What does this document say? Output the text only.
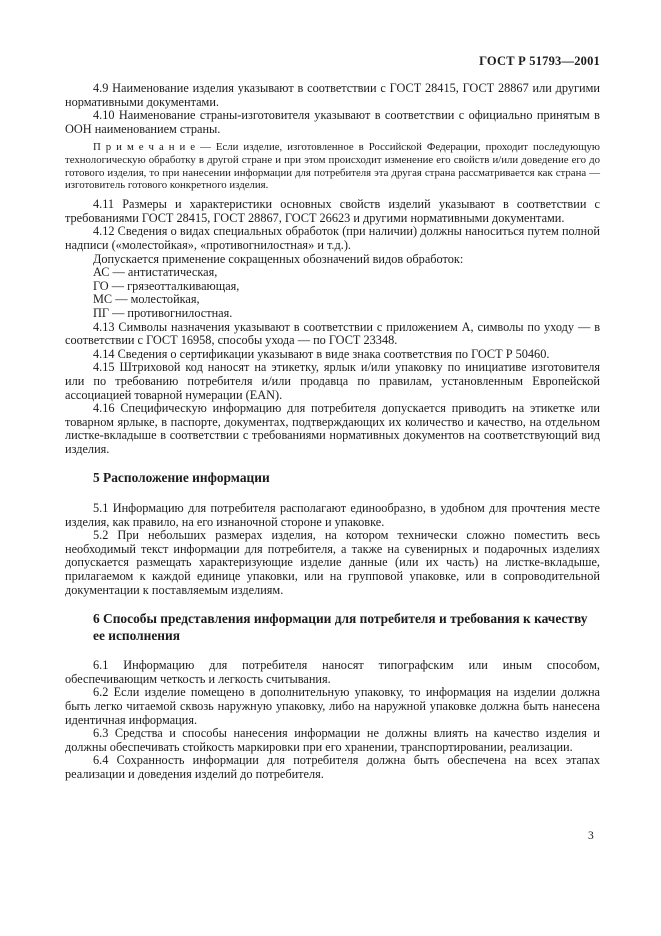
ГОСТ Р 51793—2001

4.9 Наименование изделия указывают в соответствии с ГОСТ 28415, ГОСТ 28867 или другими нормативными документами.

4.10 Наименование страны-изготовителя указывают в соответствии с официально принятым в ООН наименованием страны.

П р и м е ч а н и е — Если изделие, изготовленное в Российской Федерации, проходит последующую технологическую обработку в другой стране и при этом происходит изменение его свойств и/или доведение его до готового изделия, то при нанесении информации для потребителя эта другая страна рассматривается как страна — изготовитель готового конкретного изделия.

4.11 Размеры и характеристики основных свойств изделий указывают в соответствии с требованиями ГОСТ 28415, ГОСТ 28867, ГОСТ 26623 и другими нормативными документами.

4.12 Сведения о видах специальных обработок (при наличии) должны наноситься путем полной надписи («молестойкая», «противогнилостная» и т.д.).

Допускается применение сокращенных обозначений видов обработок:

АС — антистатическая,

ГО — грязеотталкивающая,

МС — молестойкая,

ПГ — противогнилостная.

4.13 Символы назначения указывают в соответствии с приложением А, символы по уходу — в соответствии с ГОСТ 16958, способы ухода — по ГОСТ 23348.

4.14 Сведения о сертификации указывают в виде знака соответствия по ГОСТ Р 50460.

4.15 Штриховой код наносят на этикетку, ярлык и/или упаковку по инициативе изготовителя или по требованию потребителя и/или продавца по правилам, установленным Европейской ассоциацией товарной нумерации (EAN).

4.16 Специфическую информацию для потребителя допускается приводить на этикетке или товарном ярлыке, в паспорте, документах, подтверждающих их количество и качество, на отдельном листке-вкладыше в соответствии с требованиями нормативных документов на соответствующий вид изделия.

5 Расположение информации

5.1 Информацию для потребителя располагают единообразно, в удобном для прочтения месте изделия, как правило, на его изнаночной стороне и упаковке.

5.2 При небольших размерах изделия, на котором технически сложно поместить весь необходимый текст информации для потребителя, а также на сувенирных и подарочных изделиях допускается размещать характеризующие изделие данные (или их часть) на листке-вкладыше, прилагаемом к каждой единице упаковки, или на групповой упаковке, или в сопроводительной документации к поставляемым изделиям.

6 Способы представления информации для потребителя и требования к качеству ее исполнения

6.1 Информацию для потребителя наносят типографским или иным способом, обеспечивающим четкость и легкость считывания.

6.2 Если изделие помещено в дополнительную упаковку, то информация на изделии должна быть легко читаемой сквозь наружную упаковку, либо на наружной упаковке должна быть нанесена идентичная информация.

6.3 Средства и способы нанесения информации не должны влиять на качество изделия и должны обеспечивать стойкость маркировки при его хранении, транспортировании, реализации.

6.4 Сохранность информации для потребителя должна быть обеспечена на всех этапах реализации и доведения изделий до потребителя.

3
